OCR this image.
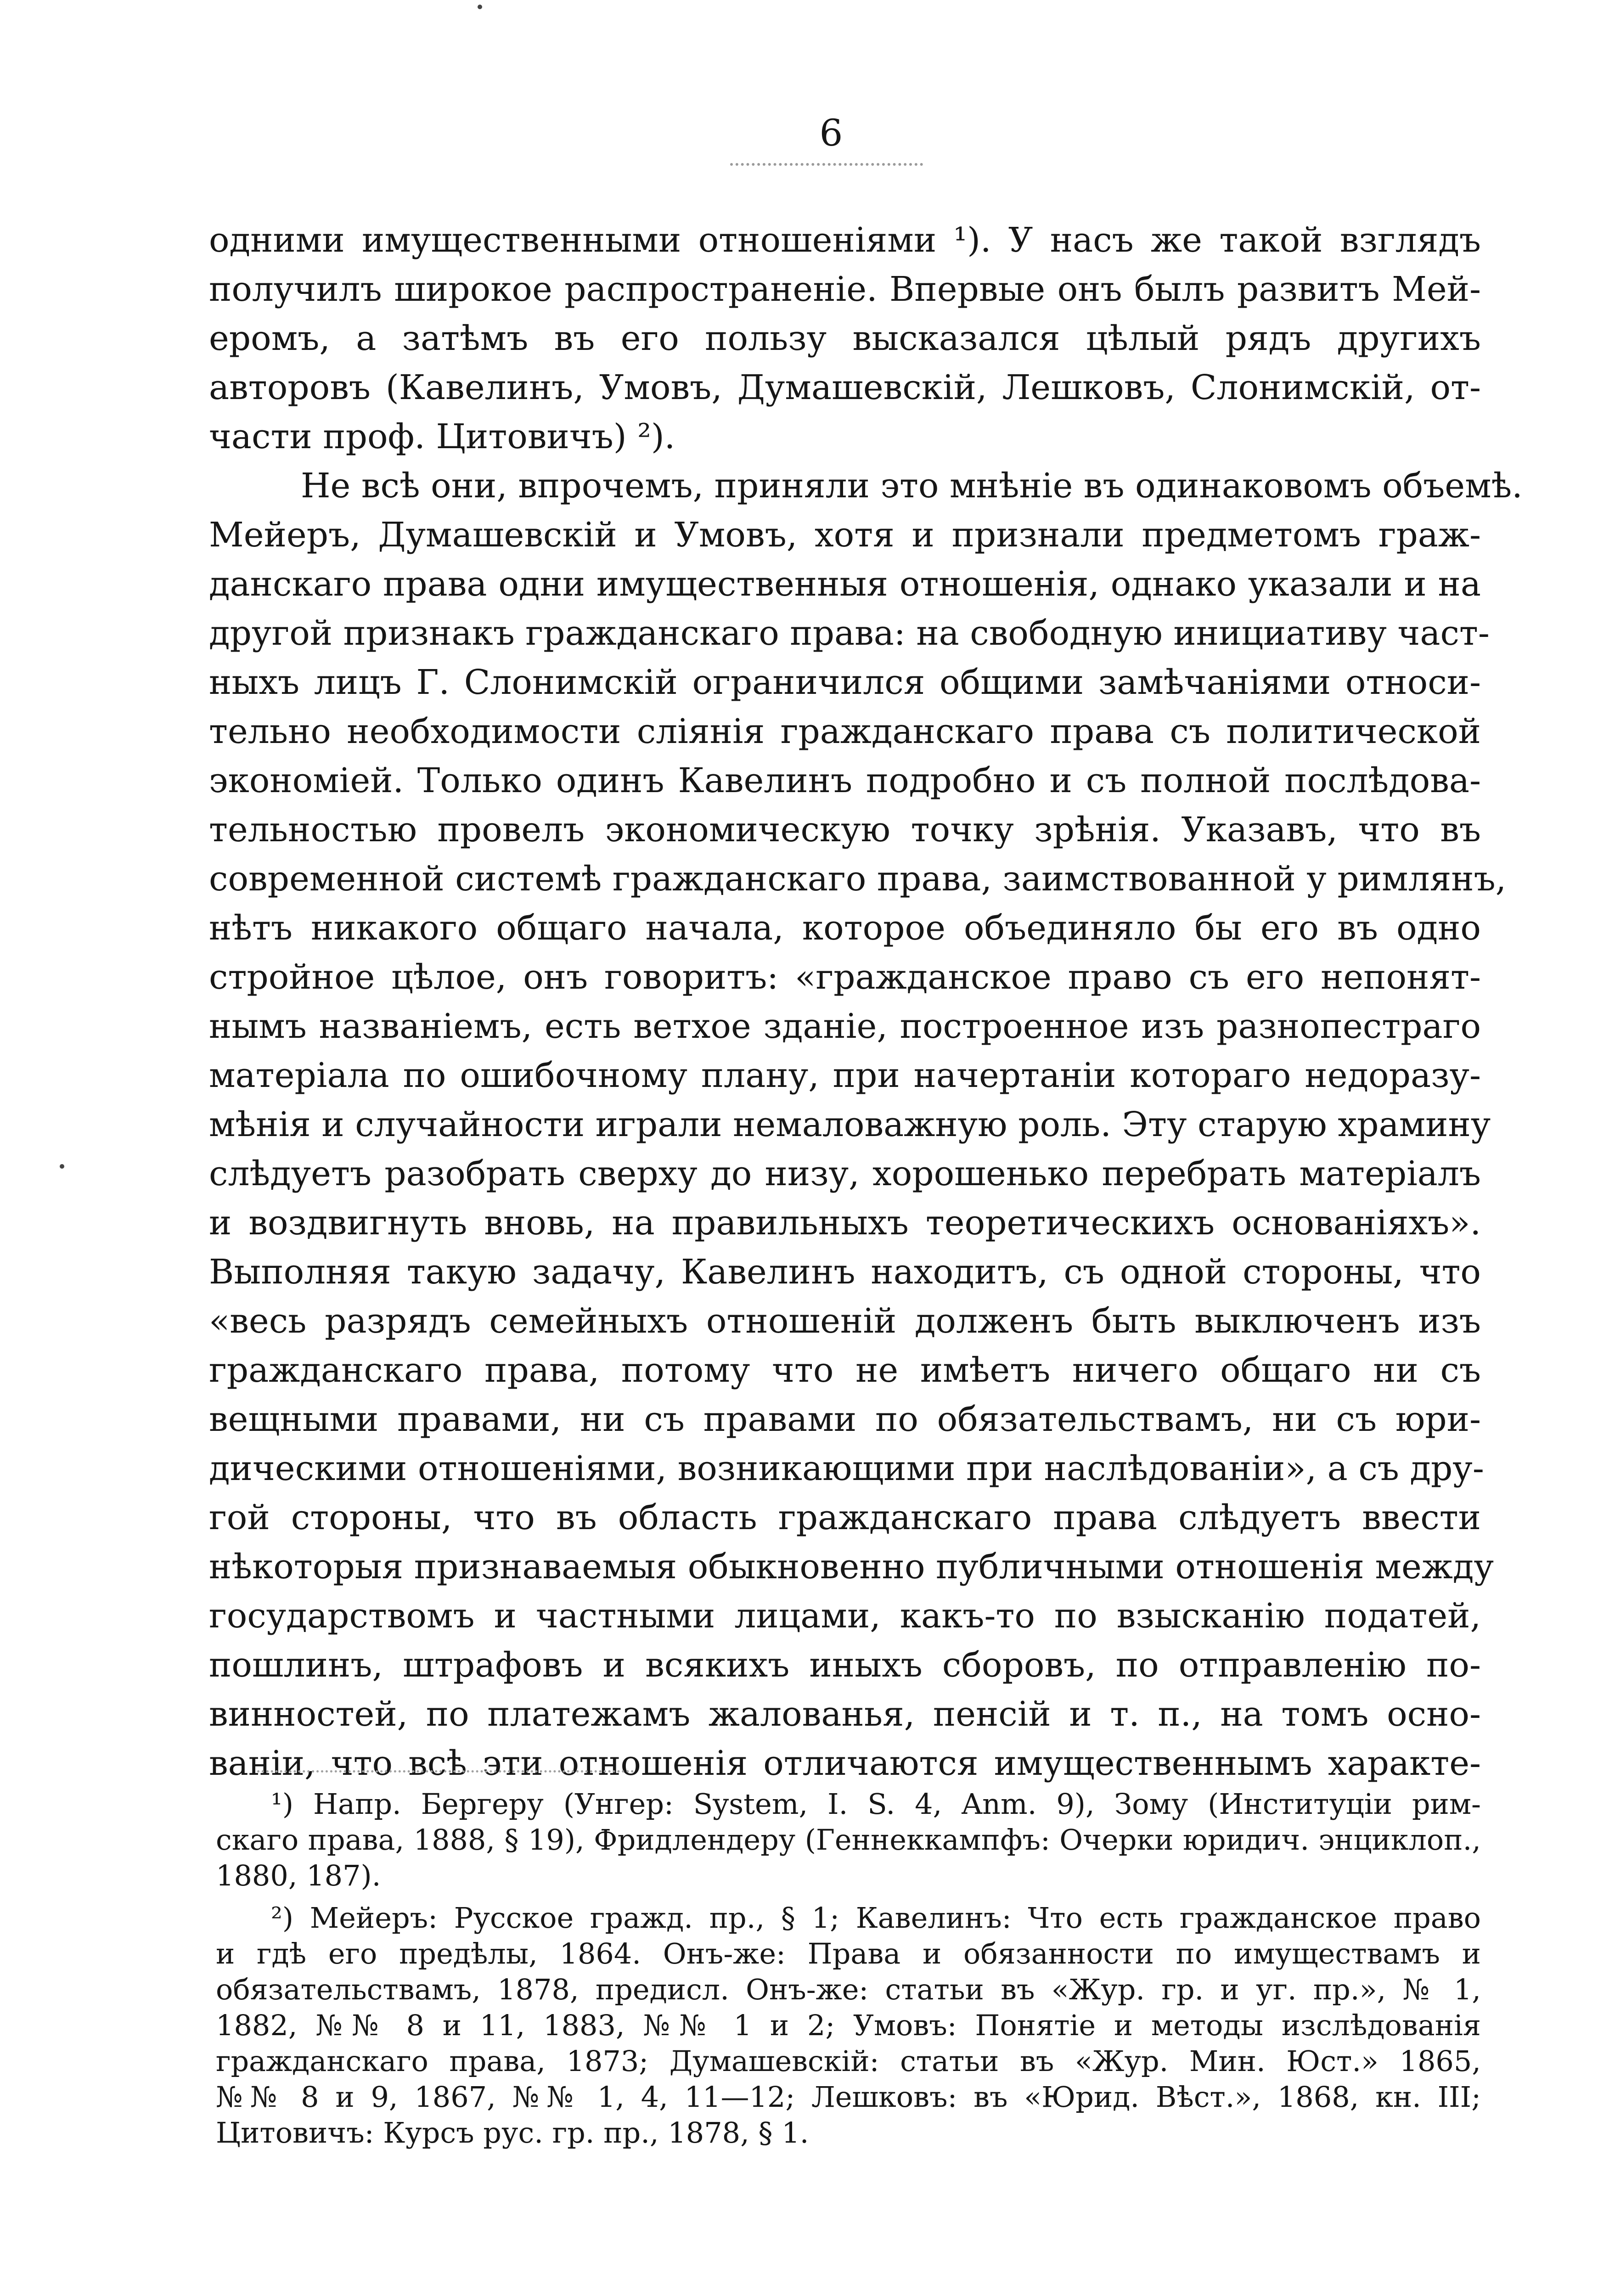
6
одними имущественными отношеніями ¹). У насъ же такой взглядъ
получилъ широкое распространеніе. Впервые онъ былъ развитъ Мей-
еромъ, а затѣмъ въ его пользу высказался цѣлый рядъ другихъ
авторовъ (Кавелинъ, Умовъ, Думашевскій, Лешковъ, Слонимскій, от-
части проф. Цитовичъ) ²).
Не всѣ они, впрочемъ, приняли это мнѣніе въ одинаковомъ объемѣ.
Мейеръ, Думашевскій и Умовъ, хотя и признали предметомъ граж-
данскаго права одни имущественныя отношенія, однако указали и на
другой признакъ гражданскаго права: на свободную инициативу част-
ныхъ лицъ Г. Слонимскій ограничился общими замѣчаніями относи-
тельно необходимости слiянія гражданскаго права съ политической
экономіей. Только одинъ Кавелинъ подробно и съ полной послѣдова-
тельностью провелъ экономическую точку зрѣнія. Указавъ, что въ
современной системѣ гражданскаго права, заимствованной у римлянъ,
нѣтъ никакого общаго начала, которое объединяло бы его въ одно
стройное цѣлое, онъ говоритъ: «гражданское право съ его непонят-
нымъ названіемъ, есть ветхое зданіе, построенное изъ разнопестраго
матеріала по ошибочному плану, при начертаніи котораго недоразу-
мѣнія и случайности играли немаловажную роль. Эту старую храмину
слѣдуетъ разобрать сверху до низу, хорошенько перебрать матеріалъ
и воздвигнуть вновь, на правильныхъ теоретическихъ основаніяхъ».
Выполняя такую задачу, Кавелинъ находитъ, съ одной стороны, что
«весь разрядъ семейныхъ отношеній долженъ быть выключенъ изъ
гражданскаго права, потому что не имѣетъ ничего общаго ни съ
вещными правами, ни съ правами по обязательствамъ, ни съ юри-
дическими отношеніями, возникающими при наслѣдованіи», а съ дру-
гой стороны, что въ область гражданскаго права слѣдуетъ ввести
нѣкоторыя признаваемыя обыкновенно публичными отношенія между
государствомъ и частными лицами, какъ-то по взысканію податей,
пошлинъ, штрафовъ и всякихъ иныхъ сборовъ, по отправленію по-
винностей, по платежамъ жалованья, пенсій и т. п., на томъ осно-
ваніи, что всѣ эти отношенія отличаются имущественнымъ характе-
¹) Напр. Бергеру (Унгер: System, I. S. 4, Anm. 9), Зому (Институціи рим-
скаго права, 1888, § 19), Фридлендеру (Геннеккампфъ: Очерки юридич. энциклоп.,
1880, 187).
²) Мейеръ: Русское гражд. пр., § 1; Кавелинъ: Что есть гражданское право
и гдѣ его предѣлы, 1864. Онъ-же: Права и обязанности по имуществамъ и
обязательствамъ, 1878, предисл. Онъ-же: статьи въ «Жур. гр. и уг. пр.», № 1,
1882, №№ 8 и 11, 1883, №№ 1 и 2; Умовъ: Понятіе и методы изслѣдованія
гражданскаго права, 1873; Думашевскій: статьи въ «Жур. Мин. Юст.» 1865,
№№ 8 и 9, 1867, №№ 1, 4, 11—12; Лешковъ: въ «Юрид. Вѣст.», 1868, кн. III;
Цитовичъ: Курсъ рус. гр. пр., 1878, § 1.
